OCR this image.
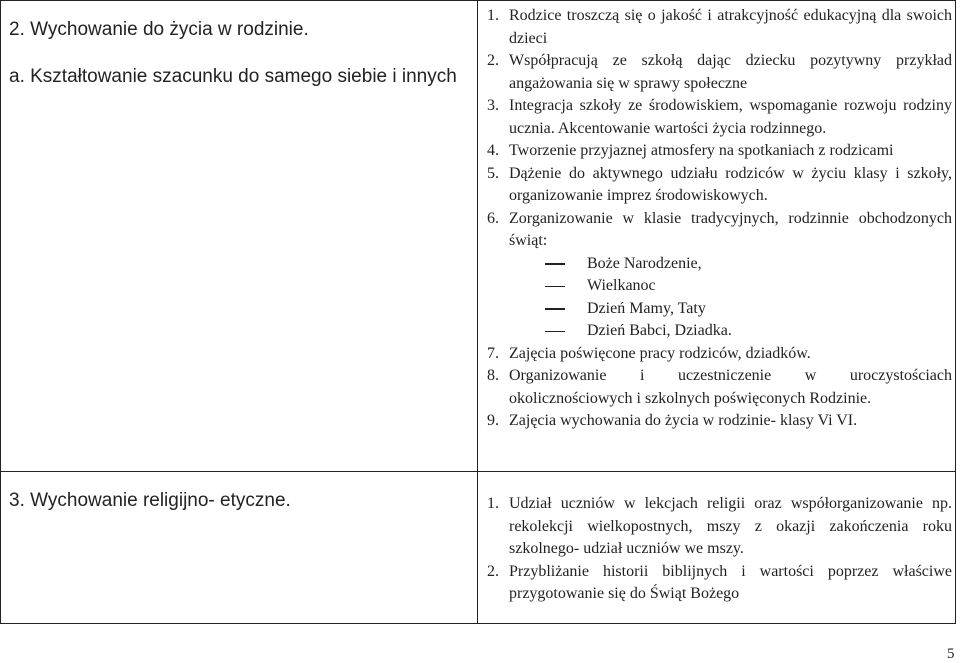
2. Wychowanie do życia w rodzinie.
a. Kształtowanie szacunku do samego siebie i innych
1. Rodzice troszczą się o jakość i atrakcyjność edukacyjną dla swoich dzieci
2. Współpracują ze szkołą dając dziecku pozytywny przykład angażowania się w sprawy społeczne
3. Integracja szkoły ze środowiskiem, wspomaganie rozwoju rodziny ucznia. Akcentowanie wartości życia rodzinnego.
4. Tworzenie przyjaznej atmosfery na spotkaniach z rodzicami
5. Dążenie do aktywnego udziału rodziców w życiu klasy i szkoły, organizowanie imprez środowiskowych.
6. Zorganizowanie w klasie tradycyjnych, rodzinnie obchodzonych świąt:
Boże Narodzenie,
Wielkanoc
Dzień Mamy, Taty
Dzień Babci, Dziadka.
7. Zajęcia poświęcone pracy rodziców, dziadków.
8. Organizowanie i uczestniczenie w uroczystościach okolicznościowych i szkolnych poświęconych Rodzinie.
9. Zajęcia wychowania do życia w rodzinie- klasy Vi VI.
3. Wychowanie religijno- etyczne.	1. Udział uczniów w lekcjach religii oraz współorganizowanie np. rekolekcji wielkopostnych, mszy z okazji zakończenia roku szkolnego- udział uczniów we mszy.
2. Przybliżanie historii biblijnych i wartości poprzez właściwe przygotowanie się do Świąt Bożego
5
